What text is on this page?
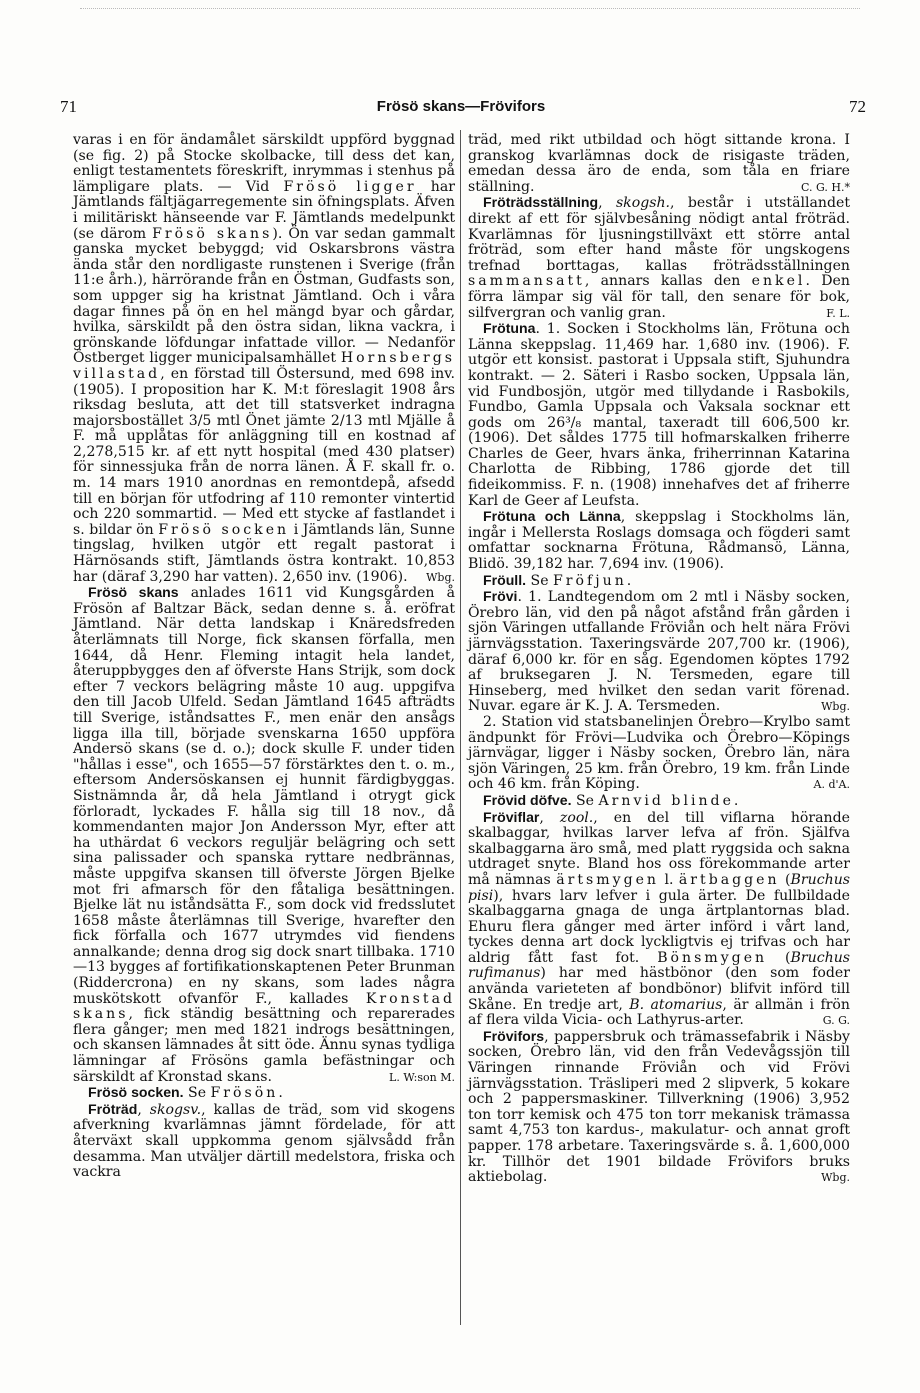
71	Frösö skans—Frövifors	72

varas i en för ändamålet särskildt uppförd byggnad (se fig. 2) på Stocke skolbacke, till dess det kan, enligt testamentets föreskrift, inrymmas i stenhus på lämpligare plats. — Vid Frösö ligger har Jämtlands fältjägarregemente sin öfningsplats. Äfven i militäriskt hänseende var F. Jämtlands medelpunkt (se därom Frösö skans). Ön var sedan gammalt ganska mycket bebyggd; vid Oskarsbrons västra ända står den nordligaste runstenen i Sverige (från 11:e årh.), härrörande från en Östman, Gudfasts son, som uppger sig ha kristnat Jämtland. Och i våra dagar finnes på ön en hel mängd byar och gårdar, hvilka, särskildt på den östra sidan, likna vackra, i grönskande löfdungar infattade villor. — Nedanför Östberget ligger municipalsamhället Hornsbergs villastad, en förstad till Östersund, med 698 inv. (1905). I proposition har K. M:t föreslagit 1908 års riksdag besluta, att det till statsverket indragna majorsbostället 3/5 mtl Önet jämte 2/13 mtl Mjälle å F. må upplåtas för anläggning till en kostnad af 2,278,515 kr. af ett nytt hospital (med 430 platser) för sinnessjuka från de norra länen. Å F. skall fr. o. m. 14 mars 1910 anordnas en remontdepå, afsedd till en början för utfodring af 110 remonter vintertid och 220 sommartid. — Med ett stycke af fastlandet i s. bildar ön Frösö socken i Jämtlands län, Sunne tingslag, hvilken utgör ett regalt pastorat i Härnösands stift, Jämtlands östra kontrakt. 10,853 har (däraf 3,290 har vatten). 2,650 inv. (1906). Wbg.

Frösö skans anlades 1611 vid Kungsgården å Frösön af Baltzar Bäck, sedan denne s. å. eröfrat Jämtland. När detta landskap i Knäredsfreden återlämnats till Norge, fick skansen förfalla, men 1644, då Henr. Fleming intagit hela landet, återuppbygges den af öfverste Hans Strijk, som dock efter 7 veckors belägring måste 10 aug. uppgifva den till Jacob Ulfeld. Sedan Jämtland 1645 afträdts till Sverige, iståndsattes F., men enär den ansågs ligga illa till, började svenskarna 1650 uppföra Andersö skans (se d. o.); dock skulle F. under tiden "hållas i esse", och 1655—57 förstärktes den t. o. m., eftersom Andersöskansen ej hunnit färdigbyggas. Sistnämnda år, då hela Jämtland i otrygt gick förloradt, lyckades F. hålla sig till 18 nov., då kommendanten major Jon Andersson Myr, efter att ha uthärdat 6 veckors reguljär belägring och sett sina palissader och spanska ryttare nedbrännas, måste uppgifva skansen till öfverste Jörgen Bjelke mot fri afmarsch för den fåtaliga besättningen. Bjelke lät nu iståndsätta F., som dock vid fredsslutet 1658 måste återlämnas till Sverige, hvarefter den fick förfalla och 1677 utrymdes vid fiendens annalkande; denna drog sig dock snart tillbaka. 1710—13 bygges af fortifikationskaptenen Peter Brunman (Riddercrona) en ny skans, som lades några muskötskott ofvanför F., kallades Kronstad skans, fick ständig besättning och reparerades flera gånger; men med 1821 indrogs besättningen, och skansen lämnades åt sitt öde. Ännu synas tydliga lämningar af Frösöns gamla befästningar och särskildt af Kronstad skans.	L. W:son M.

Frösö socken. Se Frösön.

Fröträd, skogsv., kallas de träd, som vid skogens afverkning kvarlämnas jämnt fördelade, för att återväxt skall uppkomma genom självsådd från desamma. Man utväljer därtill medelstora, friska och vackra

träd, med rikt utbildad och högt sittande krona. I granskog kvarlämnas dock de risigaste träden, emedan dessa äro de enda, som tåla en friare ställning.	C. G. H.*

Fröträdsställning, skogsh., består i utställandet direkt af ett för självbesåning nödigt antal fröträd. Kvarlämnas för ljusningstillväxt ett större antal fröträd, som efter hand måste för ungskogens trefnad borttagas, kallas fröträdsställningen sammansatt, annars kallas den enkel. Den förra lämpar sig väl för tall, den senare för bok, silfvergran och vanlig gran.	F. L.

Frötuna. 1. Socken i Stockholms län, Frötuna och Länna skeppslag. 11,469 har. 1,680 inv. (1906). F. utgör ett konsist. pastorat i Uppsala stift, Sjuhundra kontrakt. — 2. Säteri i Rasbo socken, Uppsala län, vid Fundbosjön, utgör med tillydande i Rasbokils, Fundbo, Gamla Uppsala och Vaksala socknar ett gods om 26³/₈ mantal, taxeradt till 606,500 kr. (1906). Det såldes 1775 till hofmarskalken friherre Charles de Geer, hvars änka, friherrinnan Katarina Charlotta de Ribbing, 1786 gjorde det till fideikommiss. F. n. (1908) innehafves det af friherre Karl de Geer af Leufsta.

Frötuna och Länna, skeppslag i Stockholms län, ingår i Mellersta Roslags domsaga och fögderi samt omfattar socknarna Frötuna, Rådmansö, Länna, Blidö. 39,182 har. 7,694 inv. (1906).

Fröull. Se Fröfjun.

Frövi. 1. Landtegendom om 2 mtl i Näsby socken, Örebro län, vid den på något afstånd från gården i sjön Väringen utfallande Frövіån och helt nära Frövi järnvägsstation. Taxeringsvärde 207,700 kr. (1906), däraf 6,000 kr. för en såg. Egendomen köptes 1792 af bruksegaren J. N. Tersmeden, egare till Hinseberg, med hvilket den sedan varit förenad. Nuvar. egare är K. J. A. Tersmeden.	Wbg.

2. Station vid statsbanelinjen Örebro—Krylbo samt ändpunkt för Frövi—Ludvika och Örebro—Köpings järnvägar, ligger i Näsby socken, Örebro län, nära sjön Väringen, 25 km. från Örebro, 19 km. från Linde och 46 km. från Köping.	A. d'A.

Frövid döfve. Se Arnvid blinde.

Fröviflar, zool., en del till viflarna hörande skalbaggar, hvilkas larver lefva af frön. Själfva skalbaggarna äro små, med platt ryggsida och sakna utdraget snyte. Bland hos oss förekommande arter må nämnas ärtsmygen l. ärtbaggen (Bruchus pisi), hvars larv lefver i gula ärter. De fullbildade skalbaggarna gnaga de unga ärtplantornas blad. Ehuru flera gånger med ärter införd i vårt land, tyckes denna art dock lyckligtvis ej trifvas och har aldrig fått fast fot. Bönsmygen (Bruchus rufimanus) har med hästbönor (den som foder använda varieteten af bondbönor) blifvit införd till Skåne. En tredje art, B. atomarius, är allmän i frön af flera vilda Vicia- och Lathyrus-arter.	G. G.

Frövifors, pappersbruk och trämassefabrik i Näsby socken, Örebro län, vid den från Vedevågssjön till Väringen rinnande Frövіån och vid Frövi järnvägsstation. Träsliperi med 2 slipverk, 5 kokare och 2 pappersmaskiner. Tillverkning (1906) 3,952 ton torr kemisk och 475 ton torr mekanisk trämassa samt 4,753 ton kardus-, makulatur- och annat groft papper. 178 arbetare. Taxeringsvärde s. å. 1,600,000 kr. Tillhör det 1901 bildade Frövifors bruks aktiebolag.	Wbg.
